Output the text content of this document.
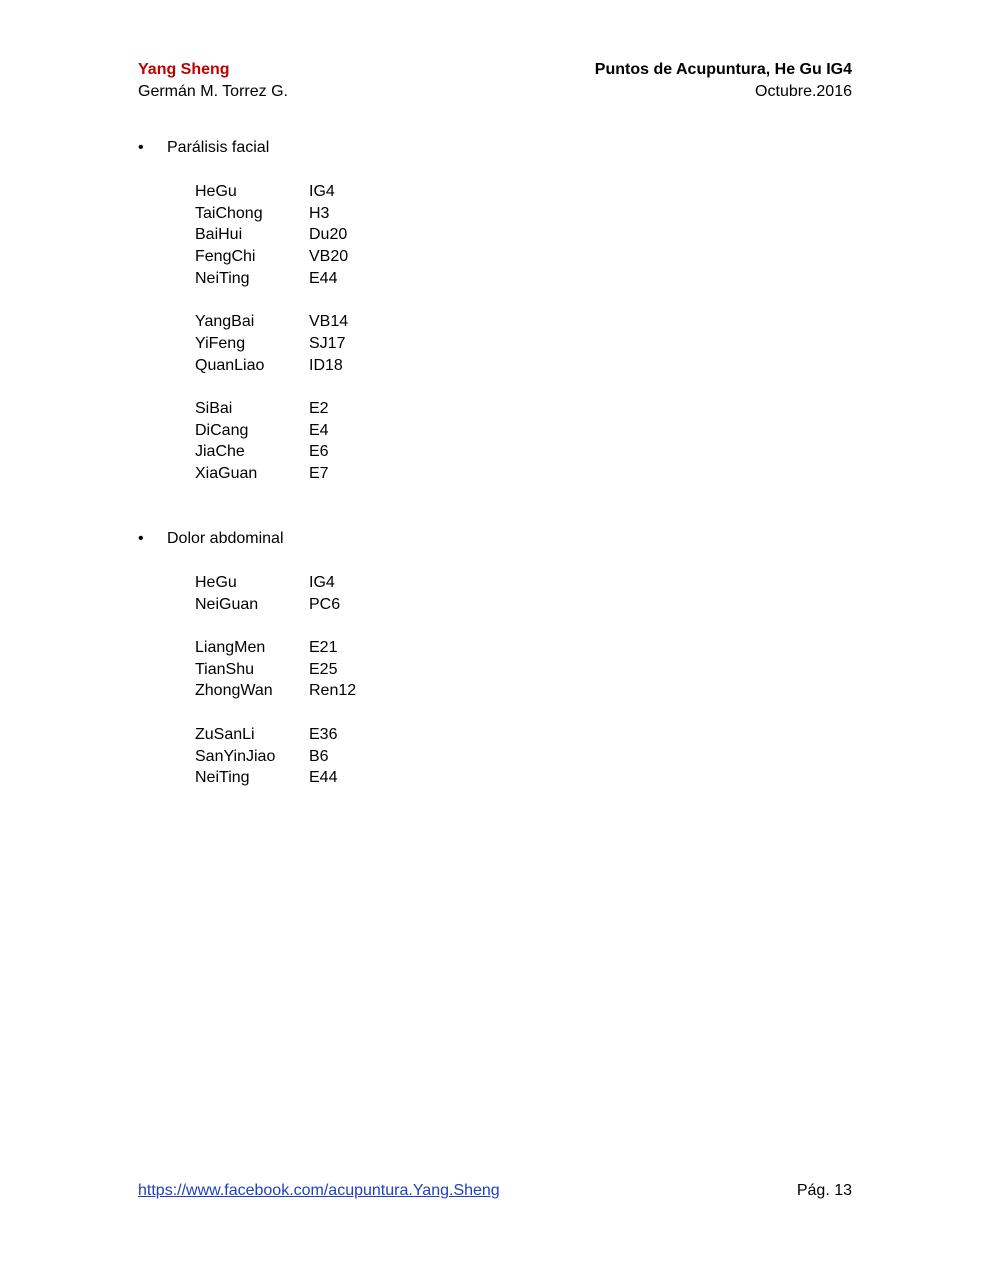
Yang Sheng
Germán M. Torrez G.
Puntos de Acupuntura, He Gu IG4
Octubre.2016
•	Parálisis facial
HeGu	IG4
TaiChong	H3
BaiHui	Du20
FengChi	VB20
NeiTing	E44
YangBai	VB14
YiFeng	SJ17
QuanLiao	ID18
SiBai	E2
DiCang	E4
JiaChe	E6
XiaGuan	E7
•	Dolor abdominal
HeGu	IG4
NeiGuan	PC6
LiangMen	E21
TianShu	E25
ZhongWan Ren12
ZuSanLi	E36
SanYinJiao B6
NeiTing	E44
https://www.facebook.com/acupuntura.Yang.Sheng	Pág. 13
